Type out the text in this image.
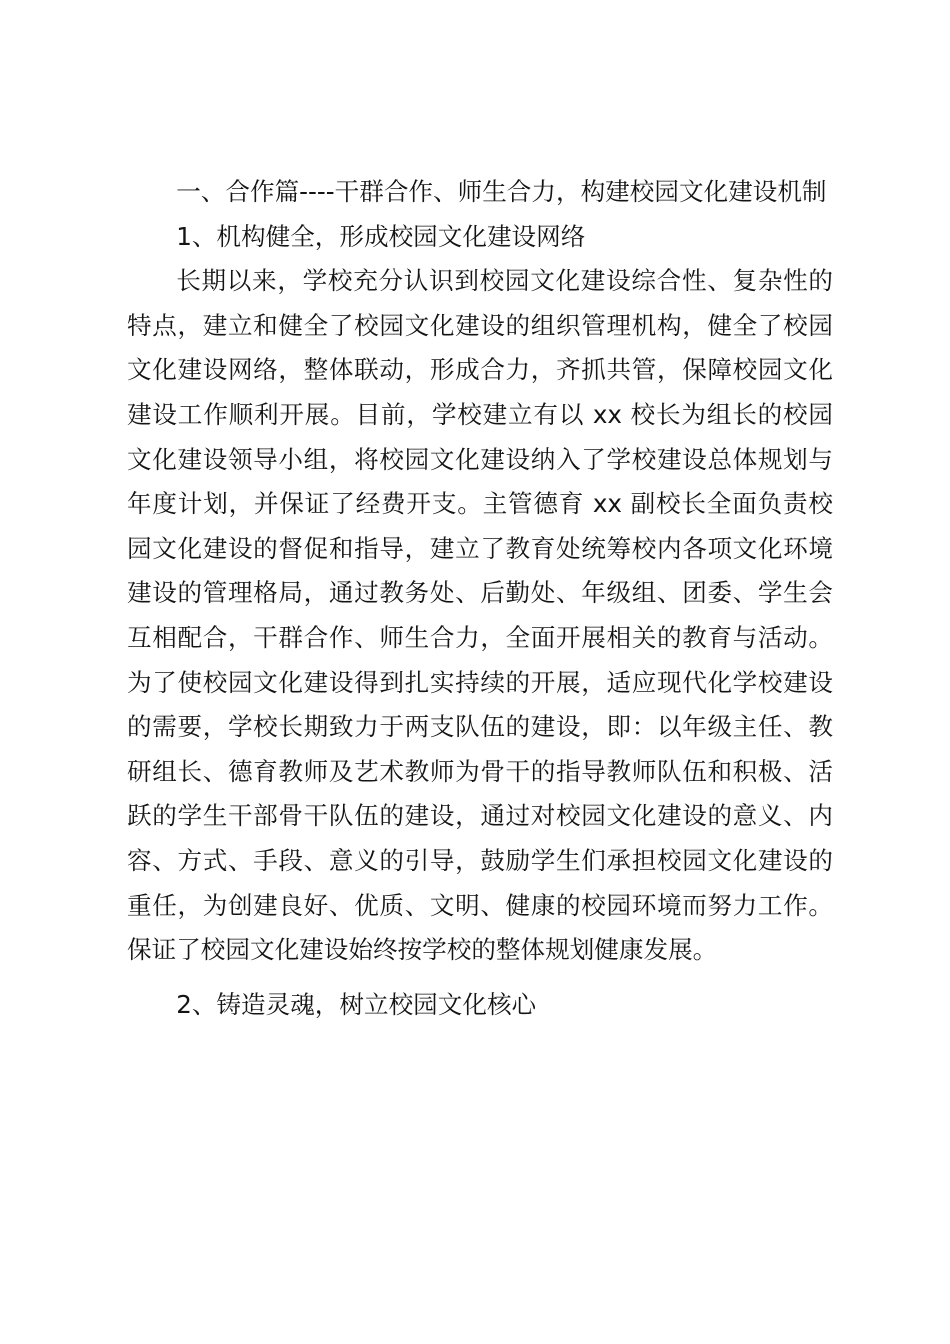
一、合作篇----干群合作、师生合力，构建校园文化建设机制

1、机构健全，形成校园文化建设网络

长期以来，学校充分认识到校园文化建设综合性、复杂性的特点，建立和健全了校园文化建设的组织管理机构，健全了校园文化建设网络，整体联动，形成合力，齐抓共管，保障校园文化建设工作顺利开展。目前，学校建立有以 xx 校长为组长的校园文化建设领导小组，将校园文化建设纳入了学校建设总体规划与年度计划，并保证了经费开支。主管德育 xx 副校长全面负责校园文化建设的督促和指导，建立了教育处统筹校内各项文化环境建设的管理格局，通过教务处、后勤处、年级组、团委、学生会互相配合，干群合作、师生合力，全面开展相关的教育与活动。为了使校园文化建设得到扎实持续的开展，适应现代化学校建设的需要，学校长期致力于两支队伍的建设，即：以年级主任、教研组长、德育教师及艺术教师为骨干的指导教师队伍和积极、活跃的学生干部骨干队伍的建设，通过对校园文化建设的意义、内容、方式、手段、意义的引导，鼓励学生们承担校园文化建设的重任，为创建良好、优质、文明、健康的校园环境而努力工作。保证了校园文化建设始终按学校的整体规划健康发展。

2、铸造灵魂，树立校园文化核心
